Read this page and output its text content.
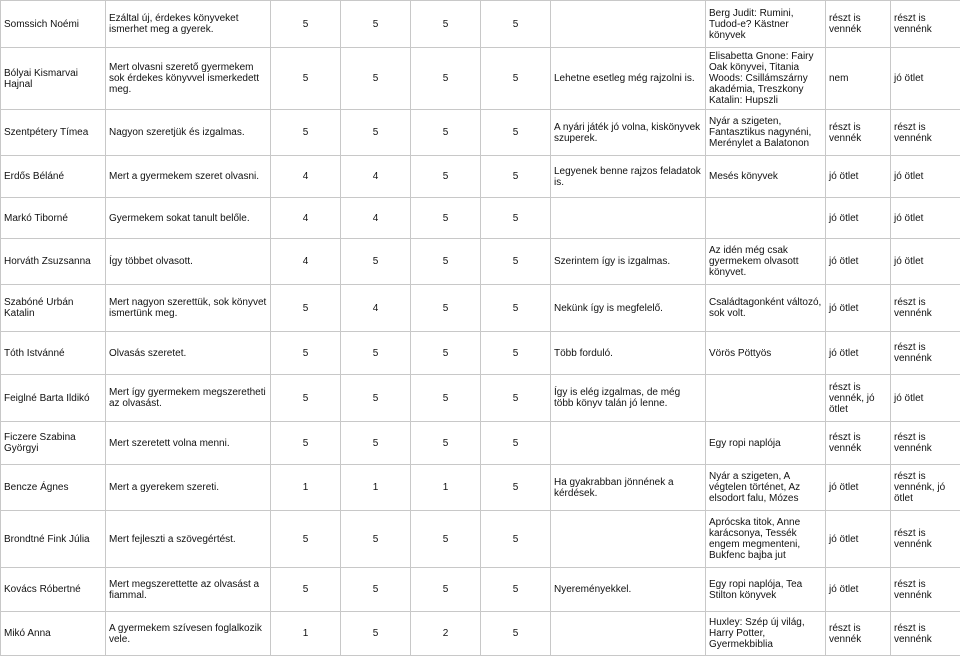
Somssich Noémi	Ezáltal új, érdekes könyveket ismerhet meg a gyerek.	5	5	5	5		Berg Judit: Rumini, Tudod-e? Kästner könyvek	részt is vennék	részt is vennénk
Bólyai Kismarvai Hajnal	Mert olvasni szerető gyermekem sok érdekes könyvvel ismerkedett meg.	5	5	5	5	Lehetne esetleg még rajzolni is.	Elisabetta Gnone: Fairy Oak könyvei, Titania Woods: Csillámszárny akadémia, Treszkony Katalin: Hupszli	nem	jó ötlet
Szentpétery Tímea	Nagyon szeretjük és izgalmas.	5	5	5	5	A nyári játék jó volna, kiskönyvek szuperek.	Nyár a szigeten, Fantasztikus nagynéni, Merénylet a Balatonon	részt is vennék	részt is vennénk
Erdős Béláné	Mert a gyermekem szeret olvasni.	4	4	5	5	Legyenek benne rajzos feladatok is.	Mesés könyvek	jó ötlet	jó ötlet
Markó Tiborné	Gyermekem sokat tanult belőle.	4	4	5	5			jó ötlet	jó ötlet
Horváth Zsuzsanna	Így többet olvasott.	4	5	5	5	Szerintem így is izgalmas.	Az idén még csak gyermekem olvasott könyvet.	jó ötlet	jó ötlet
Szabóné Urbán Katalin	Mert nagyon szerettük, sok könyvet ismertünk meg.	5	4	5	5	Nekünk így is megfelelő.	Családtagonként változó, sok volt.	jó ötlet	részt is vennénk
Tóth Istvánné	Olvasás szeretet.	5	5	5	5	Több forduló.	Vörös Pöttyös	jó ötlet	részt is vennénk
Feiglné Barta Ildikó	Mert így gyermekem megszeretheti az olvasást.	5	5	5	5	Így is elég izgalmas, de még több könyv talán jó lenne.		részt is vennék, jó ötlet	jó ötlet
Ficzere Szabina Györgyi	Mert szeretett volna menni.	5	5	5	5		Egy ropi naplója	részt is vennék	részt is vennénk
Bencze Ágnes	Mert a gyerekem szereti.	1	1	1	5	Ha gyakrabban jönnének a kérdések.	Nyár a szigeten, A végtelen történet, Az elsodort falu, Mózes	jó ötlet	részt is vennénk, jó ötlet
Brondtné Fink Júlia	Mert fejleszti a szövegértést.	5	5	5	5		Aprócska titok, Anne karácsonya, Tessék engem megmenteni, Bukfenc bajba jut	jó ötlet	részt is vennénk
Kovács Róbertné	Mert megszerettette az olvasást a fiammal.	5	5	5	5	Nyereményekkel.	Egy ropi naplója, Tea Stilton könyvek	jó ötlet	részt is vennénk
Mikó Anna	A gyermekem szívesen foglalkozik vele.	1	5	2	5		Huxley: Szép új világ, Harry Potter, Gyermekbiblia	részt is vennék	részt is vennénk
